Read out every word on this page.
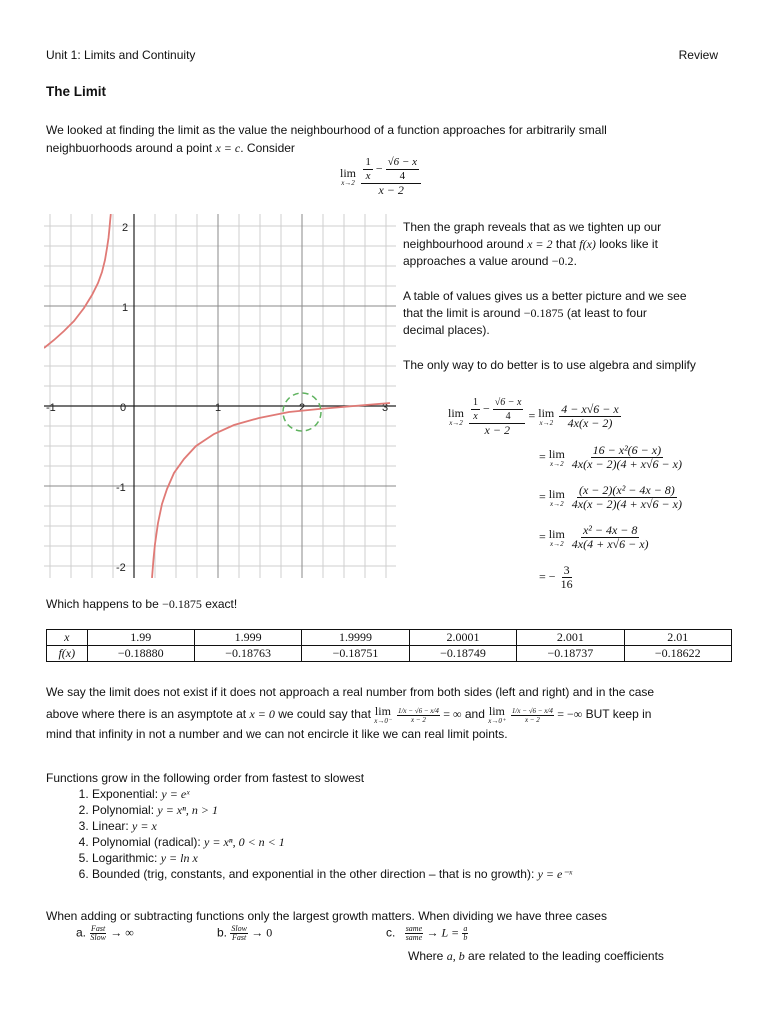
Unit 1: Limits and Continuity	Review
The Limit
We looked at finding the limit as the value the neighbourhood of a function approaches for arbitrarily small
neighbuorhoods around a point x = c. Consider
lim
x→2
$\frac{\frac{1}{x} - \frac{√6 - x}{4}}{x - 2}$
-1	0	1	2	3
2
1
-1
-2
Then the graph reveals that as we tighten up our
neighbourhood around x = 2 that f(x) looks like it
approaches a value around −0.2.
A table of values gives us a better picture and we see
that the limit is around −0.1875 (at least to four
decimal places).
The only way to do better is to use algebra and simplify
lim
x→2
$\frac{\frac{1}{x} - \frac{√6 - x}{4}}{x - 2} = \lim$
x→2
$\frac{4 - x√6 - x}{4x(x - 2)}$
= lim
x→2
$\frac{\text{16 − x²(6 − x)}}{4x(x - 2)(4 + x√6 - x)}$
= lim
x→2
$\frac{\text{(x − 2)(x² − 4x − 8)}}{4x(x - 2)(4 + x√6 - x)}$
= lim
x→2
$\frac{\text{x² − 4x − 8}}{4x(4 + x√6 - x)}$
= − $\frac{3}{16}$
Which happens to be −0.1875 exact!
x	1.99	1.999	1.9999	2.0001	2.001	2.01
f(x)	−0.18880	−0.18763	−0.18751	−0.18749	−0.18737	−0.18622
We say the limit does not exist if it does not approach a real number from both sides (left and right) and in the case
above where there is an asymptote at x = 0 we could say that lim
x→0⁻
$\frac{1/x - √6 - x/4}{x - 2}$ = ∞ and lim
x→0⁺
$\frac{1/x - √6 - x/4}{x - 2}$ = −∞ BUT keep in
mind that infinity in not a number and we can not encircle it like we can real limit points.
Functions grow in the following order from fastest to slowest
1. Exponential: y = eˣ
2. Polynomial: y = xⁿ, n > 1
3. Linear: y = x
4. Polynomial (radical): y = xⁿ, 0 < n < 1
5. Logarithmic: y = ln x
6. Bounded (trig, constants, and exponential in the other direction – that is no growth): y = e⁻ˣ
When adding or subtracting functions only the largest growth matters. When dividing we have three cases
a. $\frac{\text{Fast}}{\text{Slow}}$ → ∞	b. $\frac{\text{Slow}}{\text{Fast}} \to 0$	c. $\frac{\text{same}}{\text{same}} \to L = \frac{a}{b}$
Where a, b are related to the leading coefficients
